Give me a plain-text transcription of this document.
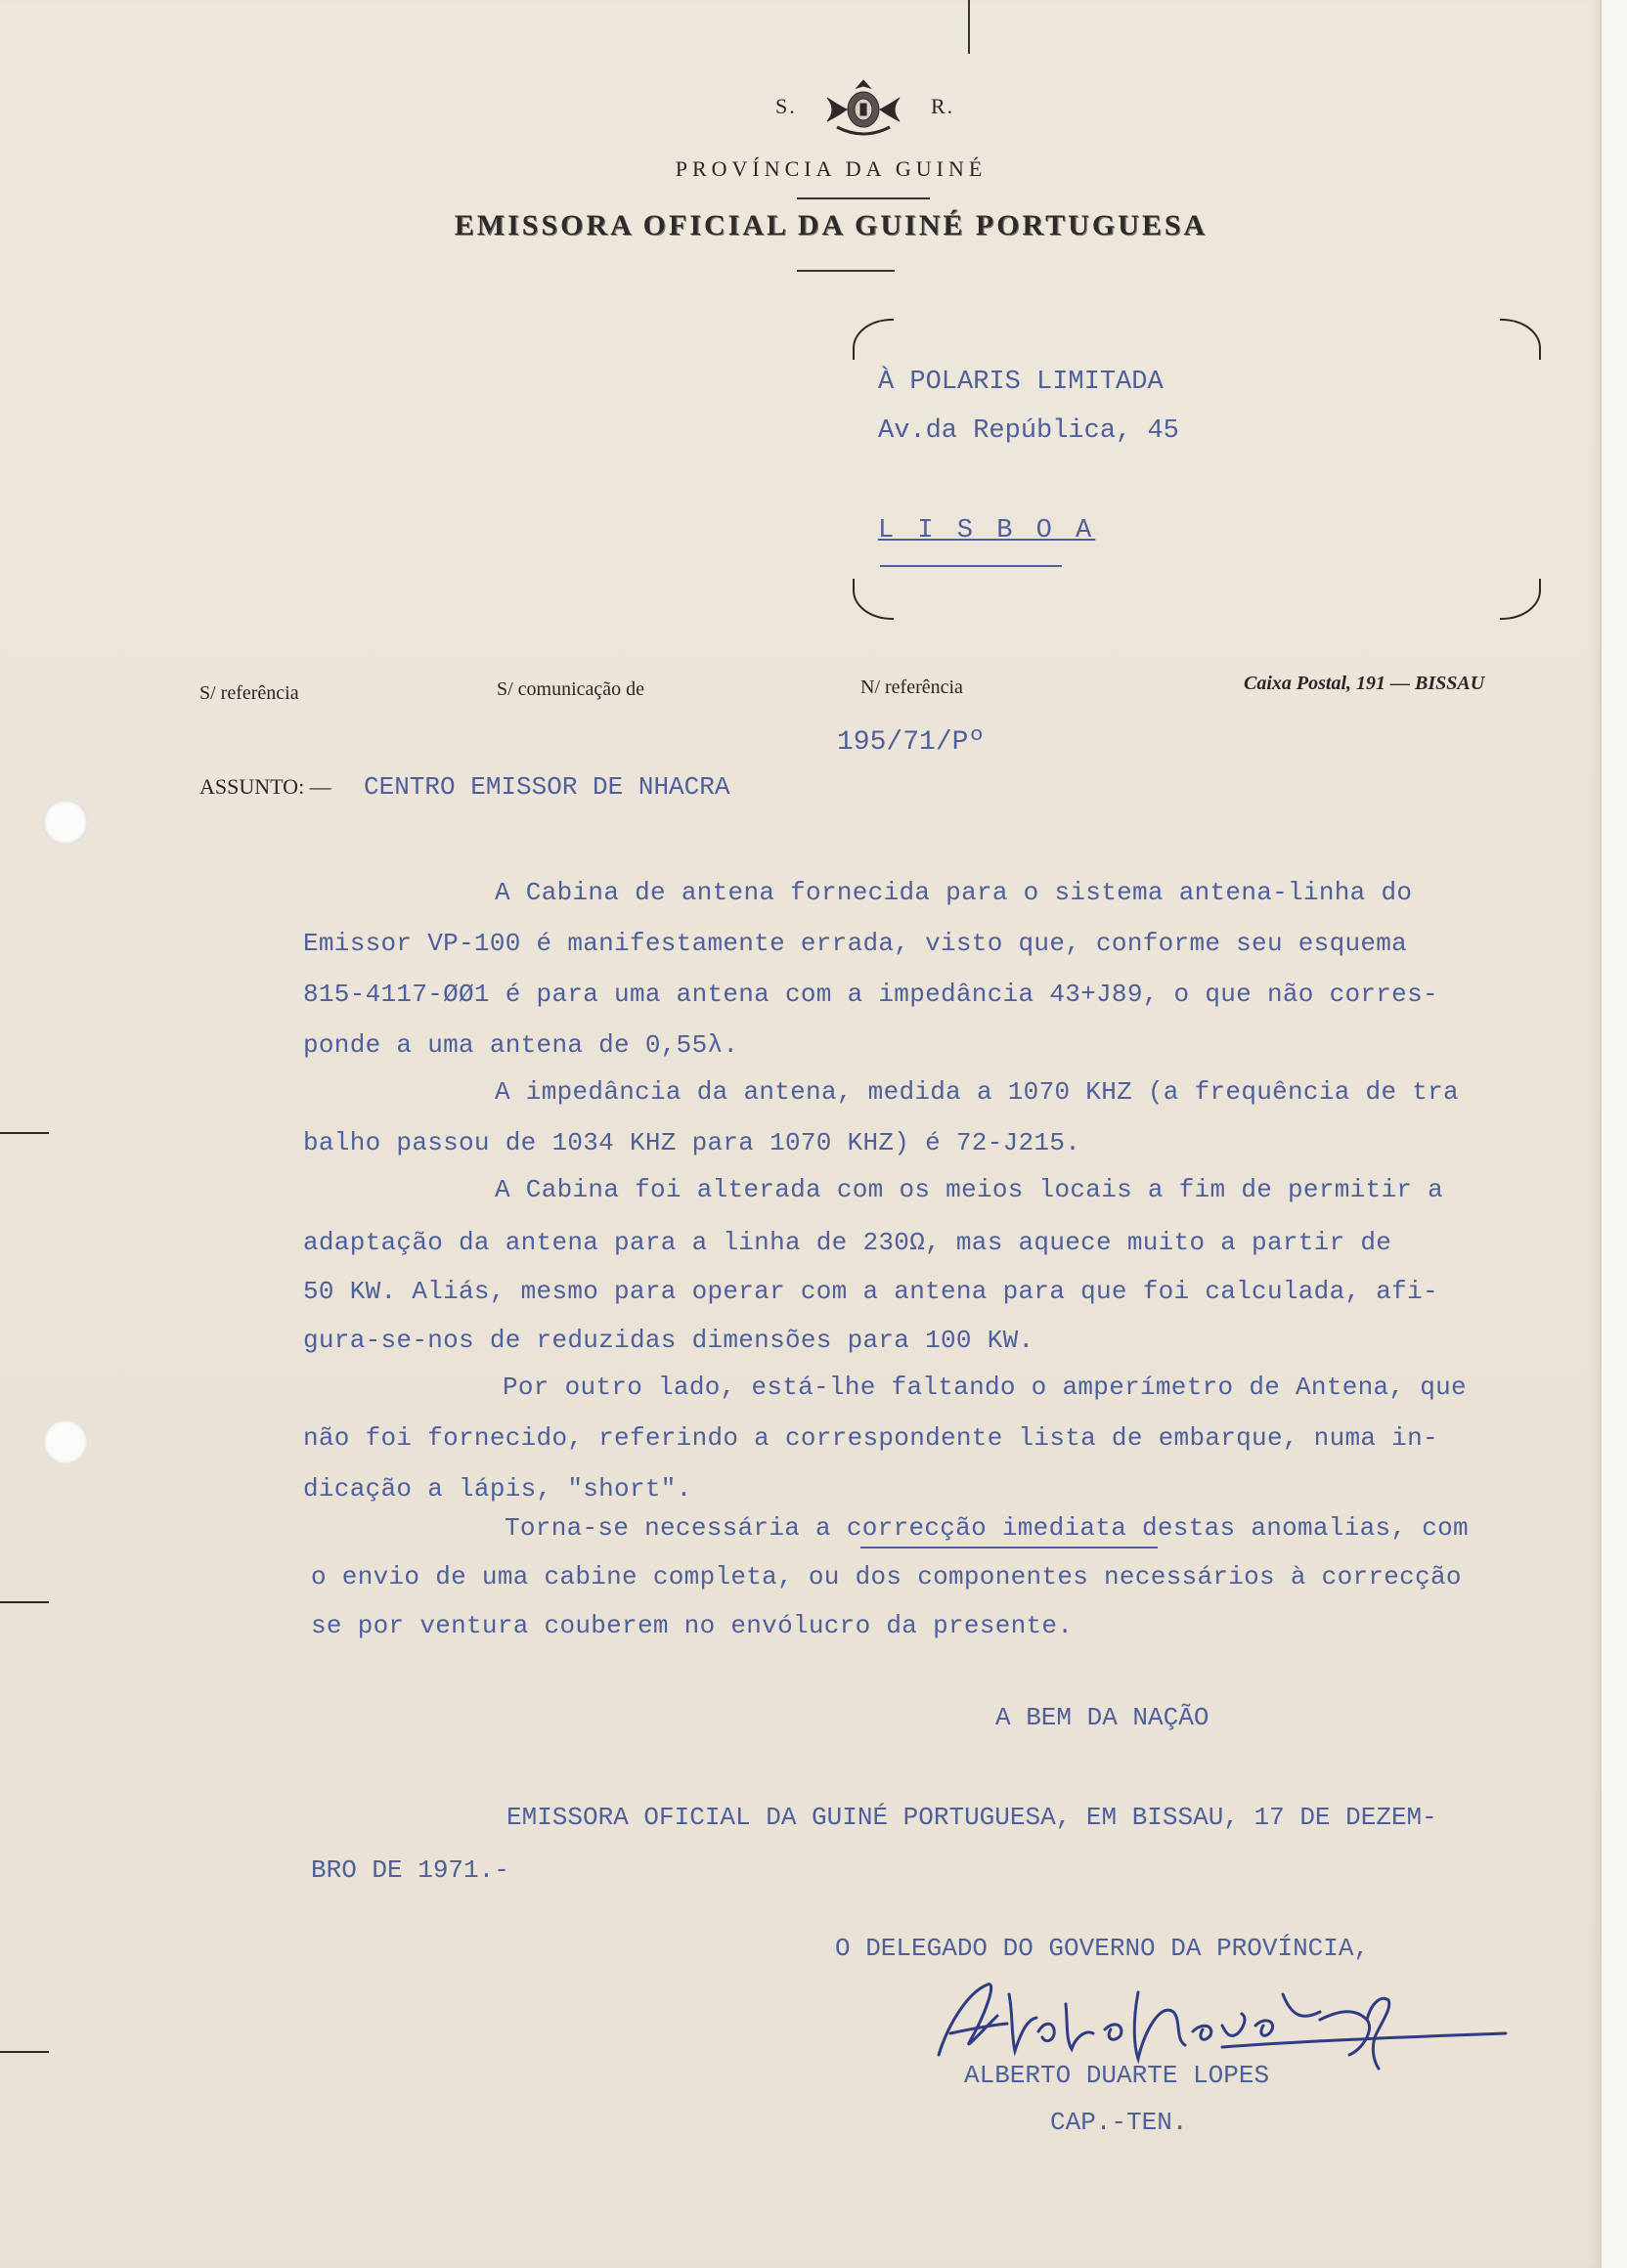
S.	R.
PROVÍNCIA DA GUINÉ
EMISSORA OFICIAL DA GUINÉ PORTUGUESA
À POLARIS LIMITADA
Av.da República, 45
L I S B O A
S/ referência	S/ comunicação de	N/ referência	Caixa Postal, 191 — BISSAU
195/71/Pº
ASSUNTO: — CENTRO EMISSOR DE NHACRA
A Cabina de antena fornecida para o sistema antena-linha do
Emissor VP-100 é manifestamente errada, visto que, conforme seu esquema
815-4117-ØØ1 é para uma antena com a impedância 43+J89, o que não corres-
ponde a uma antena de 0,55λ.
A impedância da antena, medida a 1070 KHZ (a frequência de tra
balho passou de 1034 KHZ para 1070 KHZ) é 72-J215.
A Cabina foi alterada com os meios locais a fim de permitir a
adaptação da antena para a linha de 230Ω, mas aquece muito a partir de
50 KW. Aliás, mesmo para operar com a antena para que foi calculada, afi-
gura-se-nos de reduzidas dimensões para 100 KW.
Por outro lado, está-lhe faltando o amperímetro de Antena, que
não foi fornecido, referindo a correspondente lista de embarque, numa in-
dicação a lápis, "short".
Torna-se necessária a correcção imediata destas anomalias, com
o envio de uma cabine completa, ou dos componentes necessários à correcção
se por ventura couberem no envólucro da presente.
A BEM DA NAÇÃO
EMISSORA OFICIAL DA GUINÉ PORTUGUESA, EM BISSAU, 17 DE DEZEM-
BRO DE 1971.-
O DELEGADO DO GOVERNO DA PROVÍNCIA,
ALBERTO DUARTE LOPES
CAP.-TEN.
